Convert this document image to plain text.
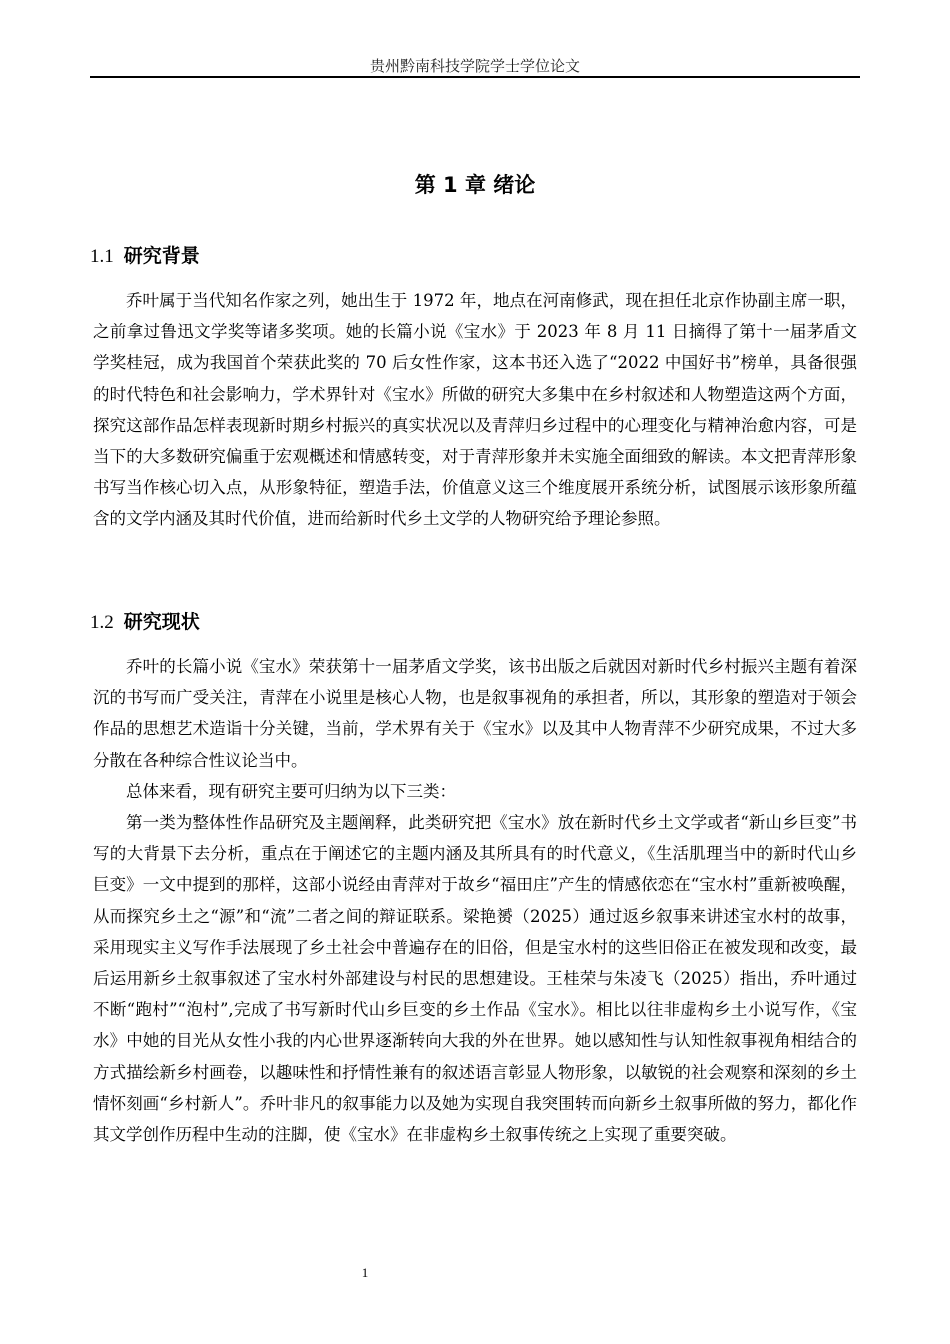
贵州黔南科技学院学士学位论文
第 1 章 绪论
1.1 研究背景

乔叶属于当代知名作家之列，她出生于 1972 年，地点在河南修武，现在担任北京作协副主席一职，之前拿过鲁迅文学奖等诸多奖项。她的长篇小说《宝水》于 2023 年 8 月 11 日摘得了第十一届茅盾文学奖桂冠，成为我国首个荣获此奖的 70 后女性作家，这本书还入选了“2022 中国好书”榜单，具备很强的时代特色和社会影响力，学术界针对《宝水》所做的研究大多集中在乡村叙述和人物塑造这两个方面，探究这部作品怎样表现新时期乡村振兴的真实状况以及青萍归乡过程中的心理变化与精神治愈内容，可是当下的大多数研究偏重于宏观概述和情感转变，对于青萍形象并未实施全面细致的解读。本文把青萍形象书写当作核心切入点，从形象特征，塑造手法，价值意义这三个维度展开系统分析，试图展示该形象所蕴含的文学内涵及其时代价值，进而给新时代乡土文学的人物研究给予理论参照。

1.2 研究现状

乔叶的长篇小说《宝水》荣获第十一届茅盾文学奖，该书出版之后就因对新时代乡村振兴主题有着深沉的书写而广受关注，青萍在小说里是核心人物，也是叙事视角的承担者，所以，其形象的塑造对于领会作品的思想艺术造诣十分关键，当前，学术界有关于《宝水》以及其中人物青萍不少研究成果，不过大多分散在各种综合性议论当中。

总体来看，现有研究主要可归纳为以下三类：

第一类为整体性作品研究及主题阐释，此类研究把《宝水》放在新时代乡土文学或者“新山乡巨变”书写的大背景下去分析，重点在于阐述它的主题内涵及其所具有的时代意义，《生活肌理当中的新时代山乡巨变》一文中提到的那样，这部小说经由青萍对于故乡“福田庄”产生的情感依恋在“宝水村”重新被唤醒，从而探究乡土之“源”和“流”二者之间的辩证联系。梁艳赟（2025）通过返乡叙事来讲述宝水村的故事，采用现实主义写作手法展现了乡土社会中普遍存在的旧俗，但是宝水村的这些旧俗正在被发现和改变，最后运用新乡土叙事叙述了宝水村外部建设与村民的思想建设。王桂荣与朱凌飞（2025）指出，乔叶通过不断“跑村”“泡村”,完成了书写新时代山乡巨变的乡土作品《宝水》。相比以往非虚构乡土小说写作，《宝水》中她的目光从女性小我的内心世界逐渐转向大我的外在世界。她以感知性与认知性叙事视角相结合的方式描绘新乡村画卷，以趣味性和抒情性兼有的叙述语言彰显人物形象，以敏锐的社会观察和深刻的乡土情怀刻画“乡村新人”。乔叶非凡的叙事能力以及她为实现自我突围转而向新乡土叙事所做的努力，都化作其文学创作历程中生动的注脚，使《宝水》在非虚构乡土叙事传统之上实现了重要突破。

1
